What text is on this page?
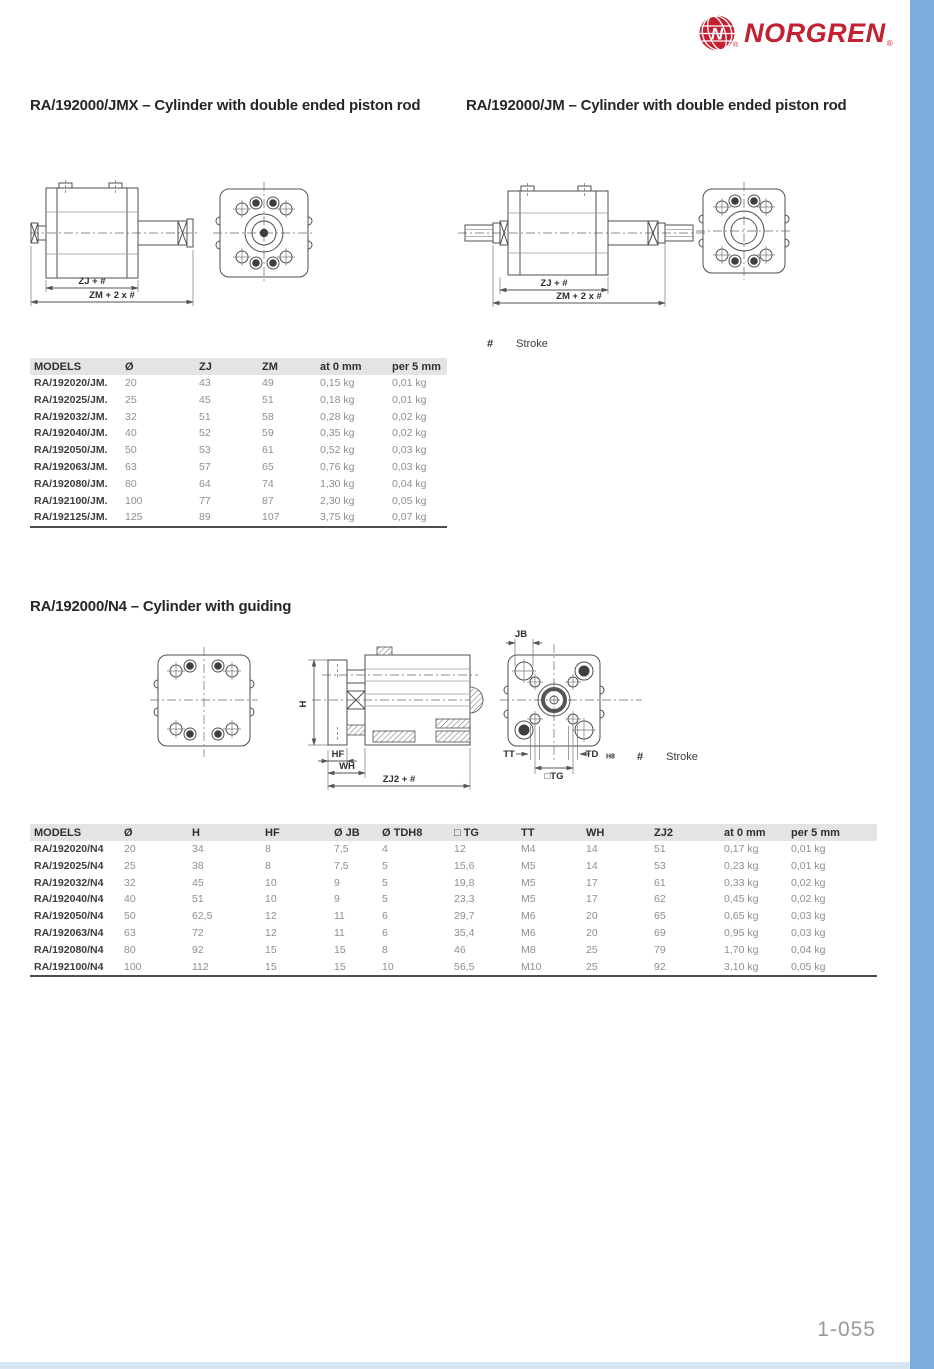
N
® NORGREN ®
RA/192000/JMX – Cylinder with double ended piston rod	RA/192000/JM – Cylinder with double ended piston rod
ZJ + #
ZM + 2 x #
ZJ + #
ZM + 2 x #
# Stroke
MODELS	Ø	ZJ	ZM	at 0 mm	per 5 mm
RA/192020/JM.	20	43	49	0,15 kg	0,01 kg
RA/192025/JM.	25	45	51	0,18 kg	0,01 kg
RA/192032/JM.	32	51	58	0,28 kg	0,02 kg
RA/192040/JM.	40	52	59	0,35 kg	0,02 kg
RA/192050/JM.	50	53	61	0,52 kg	0,03 kg
RA/192063/JM.	63	57	65	0,76 kg	0,03 kg
RA/192080/JM.	80	64	74	1,30 kg	0,04 kg
RA/192100/JM.	100	77	87	2,30 kg	0,05 kg
RA/192125/JM.	125	89	107	3,75 kg	0,07 kg
RA/192000/N4 – Cylinder with guiding
H
HF
WH
ZJ2 + #
JB
TT	TD H8
□TG
# Stroke
MODELS	Ø	H	HF	Ø JB	Ø TDH8	□ TG	TT	WH	ZJ2	at 0 mm	per 5 mm
RA/192020/N4	20	34	8	7,5	4	12	M4	14	51	0,17 kg	0,01 kg
RA/192025/N4	25	38	8	7,5	5	15,6	M5	14	53	0,23 kg	0,01 kg
RA/192032/N4	32	45	10	9	5	19,8	M5	17	61	0,33 kg	0,02 kg
RA/192040/N4	40	51	10	9	5	23,3	M5	17	62	0,45 kg	0,02 kg
RA/192050/N4	50	62,5	12	11	6	29,7	M6	20	65	0,65 kg	0,03 kg
RA/192063/N4	63	72	12	11	6	35,4	M6	20	69	0,95 kg	0,03 kg
RA/192080/N4	80	92	15	15	8	46	M8	25	79	1,70 kg	0,04 kg
RA/192100/N4	100	112	15	15	10	56,5	M10	25	92	3,10 kg	0,05 kg
1-055
